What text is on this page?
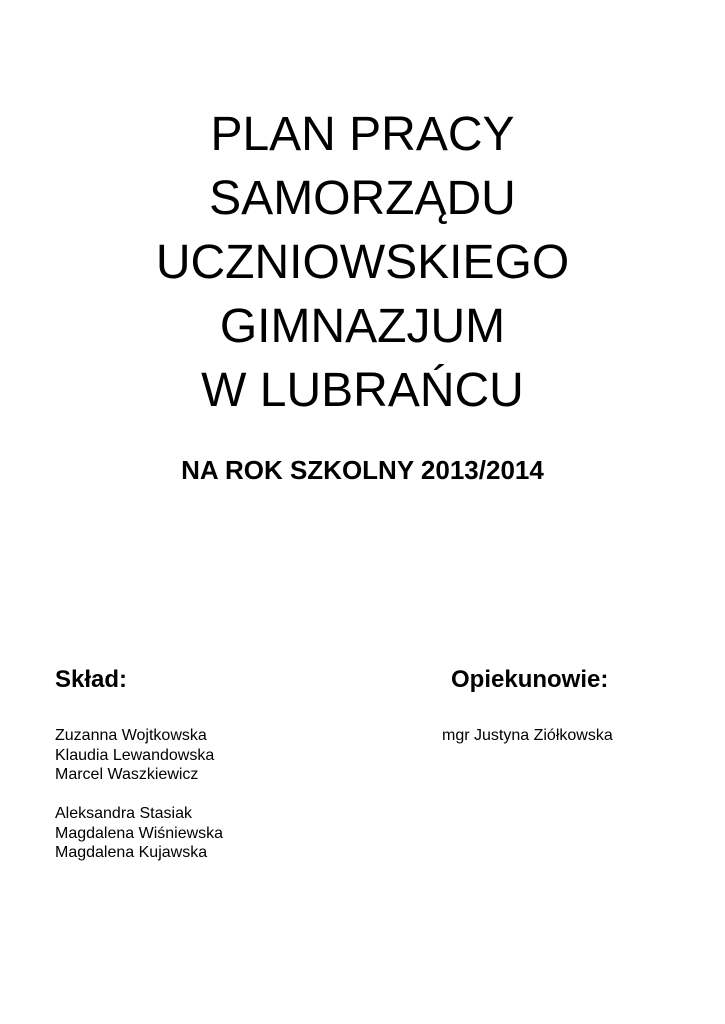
PLAN PRACY
SAMORZĄDU
UCZNIOWSKIEGO
GIMNAZJUM
W LUBRAŃCU
NA ROK SZKOLNY 2013/2014
Skład:	Opiekunowie:
Zuzanna Wojtkowska
Klaudia Lewandowska
Marcel Waszkiewicz
Aleksandra Stasiak
Magdalena Wiśniewska
Magdalena Kujawska
mgr Justyna Ziółkowska
